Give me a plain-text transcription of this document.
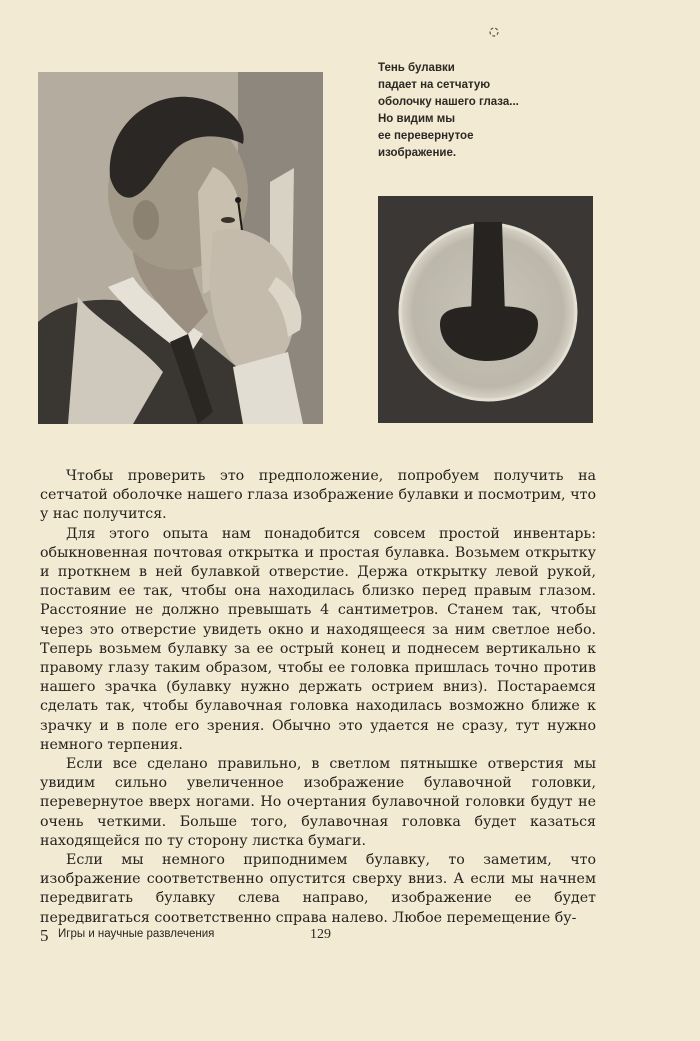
Тень булавки
падает на сетчатую
оболочку нашего глаза...
Но видим мы
ее перевернутое
изображение.

Чтобы проверить это предположение, попробуем получить на сетчатой оболочке нашего глаза изображение булавки и посмотрим, что у нас получится.

Для этого опыта нам понадобится совсем простой инвентарь: обыкновенная почтовая открытка и простая булавка. Возьмем открытку и проткнем в ней булавкой отверстие. Держа открытку левой рукой, поставим ее так, чтобы она находилась близко перед правым глазом. Расстояние не должно превышать 4 сантиметров. Станем так, чтобы через это отверстие увидеть окно и находящееся за ним светлое небо. Теперь возьмем булавку за ее острый конец и поднесем вертикально к правому глазу таким образом, чтобы ее головка пришлась точно против нашего зрачка (булавку нужно держать острием вниз). Постараемся сделать так, чтобы булавочная головка находилась возможно ближе к зрачку и в поле его зрения. Обычно это удается не сразу, тут нужно немного терпения.

Если все сделано правильно, в светлом пятнышке отверстия мы увидим сильно увеличенное изображение булавочной головки, перевернутое вверх ногами. Но очертания булавочной головки будут не очень четкими. Больше того, булавочная головка будет казаться находящейся по ту сторону листка бумаги.

Если мы немного приподнимем булавку, то заметим, что изображение соответственно опустится сверху вниз. А если мы начнем передвигать булавку слева направо, изображение ее будет передвигаться соответственно справа налево. Любое перемещение бу-

5 Игры и научные развлечения	129
